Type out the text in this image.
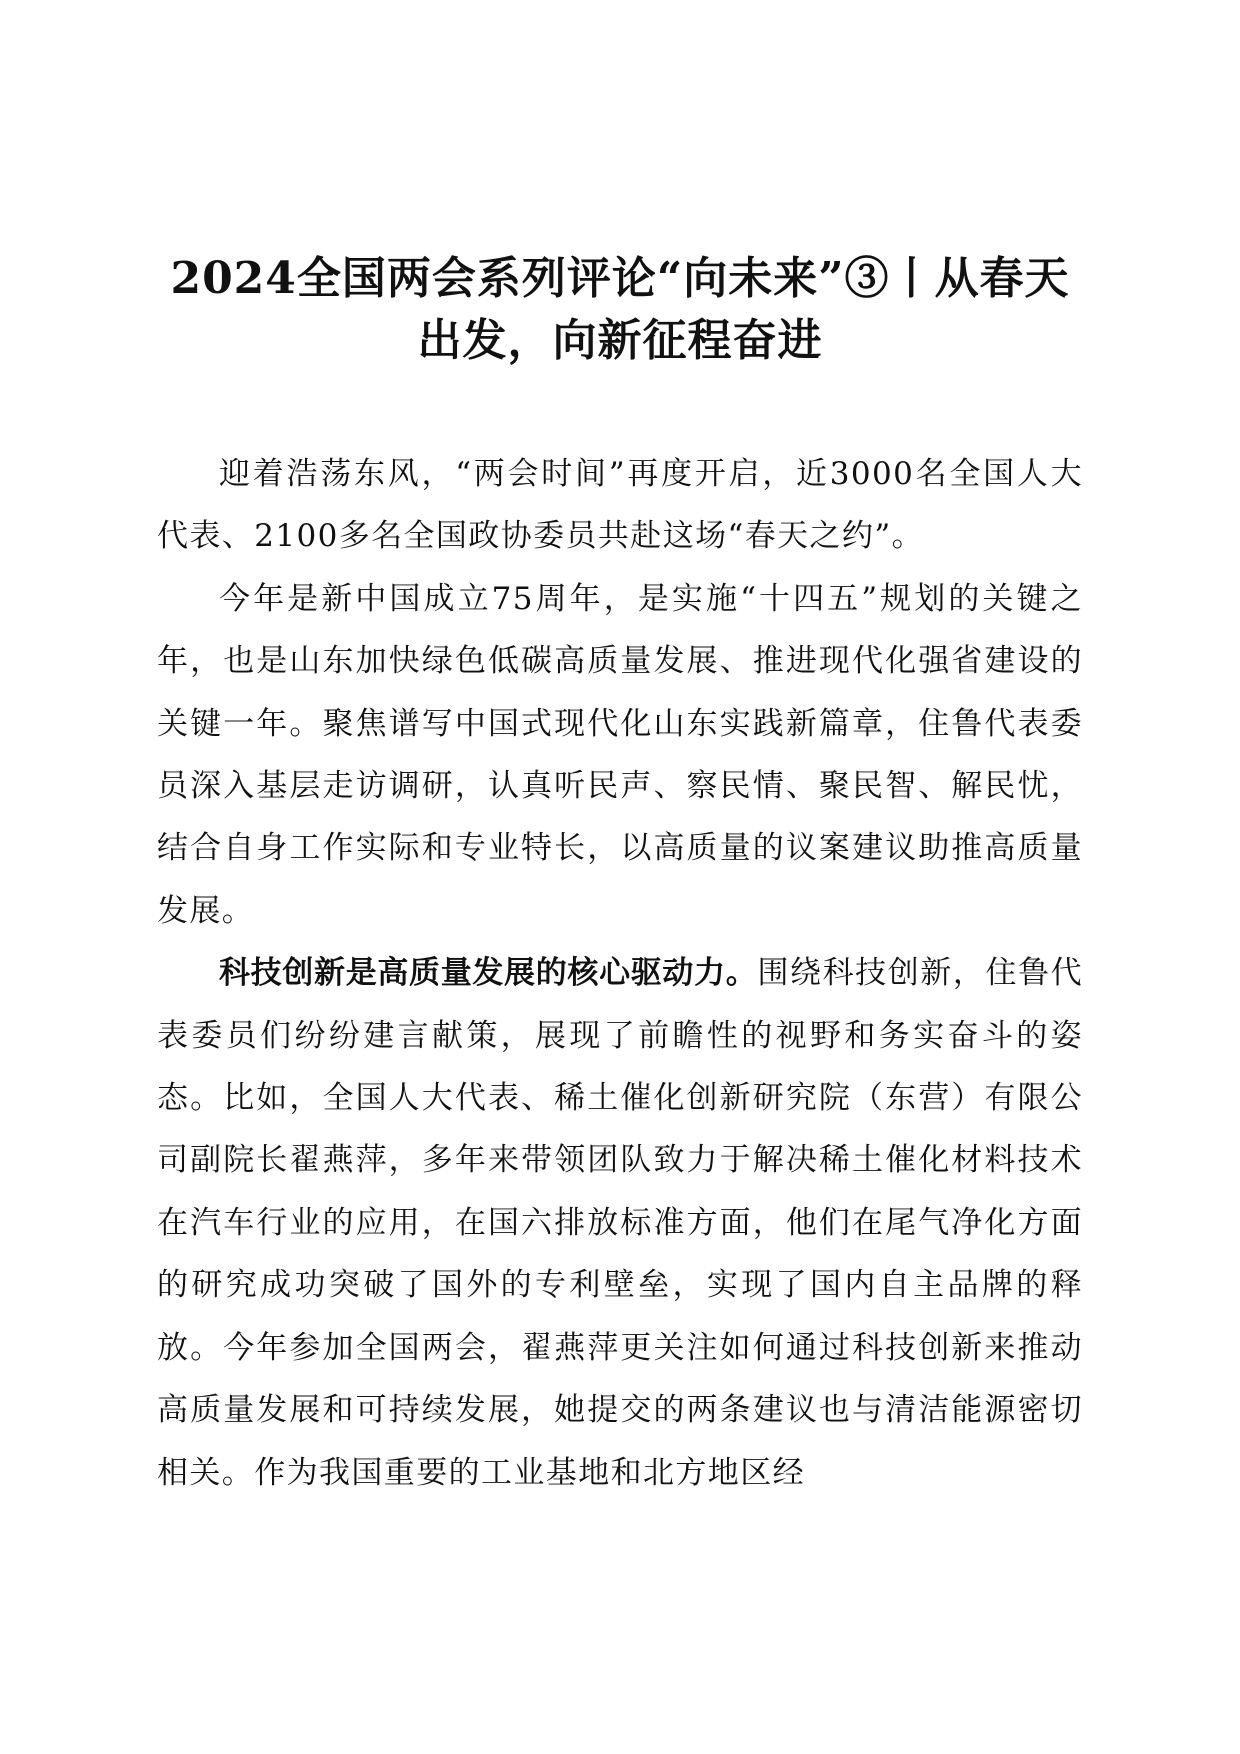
2024全国两会系列评论“向未来”③丨从春天出发，向新征程奋进

迎着浩荡东风，“两会时间”再度开启，近3000名全国人大代表、2100多名全国政协委员共赴这场“春天之约”。

今年是新中国成立75周年，是实施“十四五”规划的关键之年，也是山东加快绿色低碳高质量发展、推进现代化强省建设的关键一年。聚焦谱写中国式现代化山东实践新篇章，住鲁代表委员深入基层走访调研，认真听民声、察民情、聚民智、解民忧，结合自身工作实际和专业特长，以高质量的议案建议助推高质量发展。

科技创新是高质量发展的核心驱动力。围绕科技创新，住鲁代表委员们纷纷建言献策，展现了前瞻性的视野和务实奋斗的姿态。比如，全国人大代表、稀土催化创新研究院（东营）有限公司副院长翟燕萍，多年来带领团队致力于解决稀土催化材料技术在汽车行业的应用，在国六排放标准方面，他们在尾气净化方面的研究成功突破了国外的专利壁垒，实现了国内自主品牌的释放。今年参加全国两会，翟燕萍更关注如何通过科技创新来推动高质量发展和可持续发展，她提交的两条建议也与清洁能源密切相关。作为我国重要的工业基地和北方地区经
